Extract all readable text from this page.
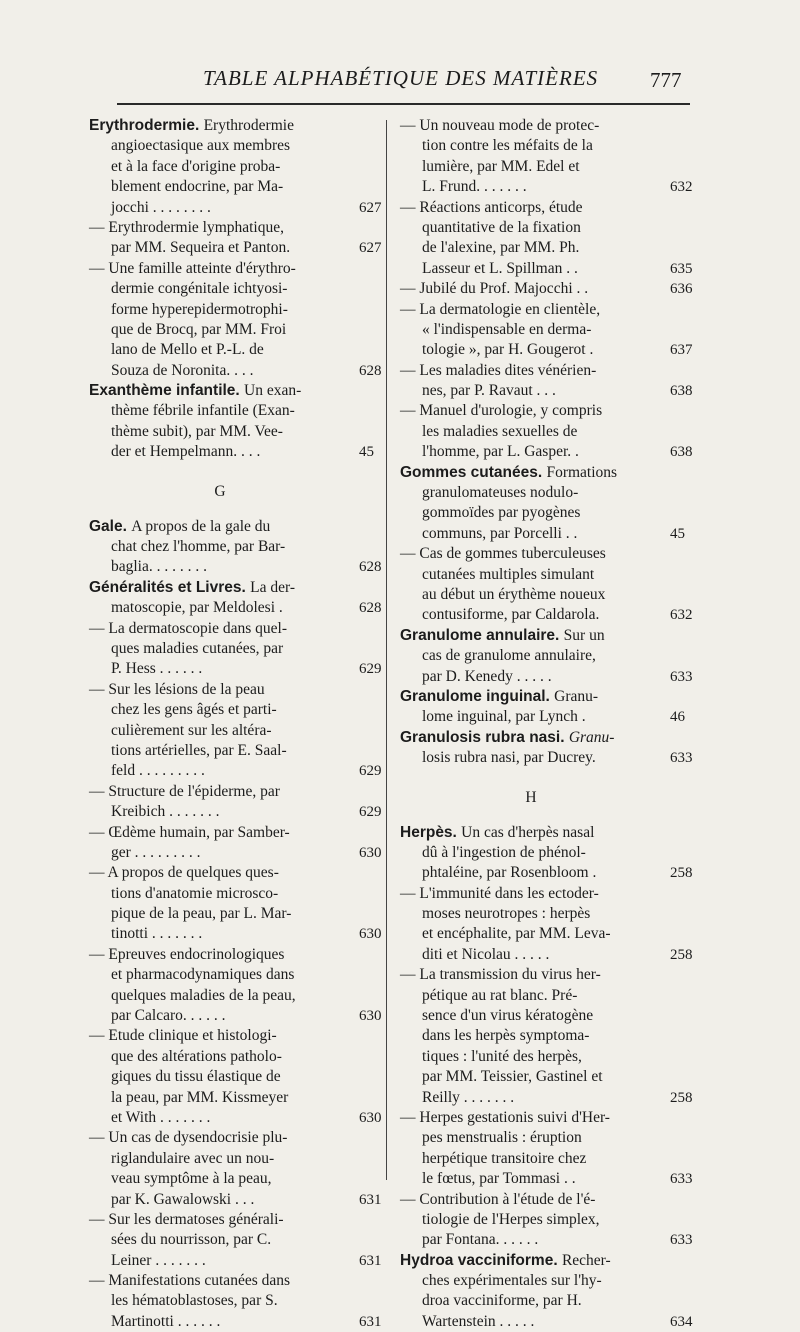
TABLE ALPHABÉTIQUE DES MATIÈRES 777
Erythrodermie. Erythrodermie
angioectasique aux membres
et à la face d'origine proba-
blement endocrine, par Ma-
jocchi . . . . . . . .	627
— Erythrodermie lymphatique,
par MM. Sequeira et Panton.	627
— Une famille atteinte d'érythro-
dermie congénitale ichtyosi-
forme hyperepidermotrophi-
que de Brocq, par MM. Froi
lano de Mello et P.-L. de
Souza de Noronita. . . .	628
Exanthème infantile. Un exan-
thème fébrile infantile (Exan-
thème subit), par MM. Vee-
der et Hempelmann. . . .	45
G
Gale. A propos de la gale du
chat chez l'homme, par Bar-
baglia. . . . . . . .	628
Généralités et Livres. La der-
matoscopie, par Meldolesi .	628
— La dermatoscopie dans quel-
ques maladies cutanées, par
P. Hess . . . . . .	629
— Sur les lésions de la peau
chez les gens âgés et parti-
culièrement sur les altéra-
tions artérielles, par E. Saal-
feld . . . . . . . . .	629
— Structure de l'épiderme, par
Kreibich . . . . . . .	629
— Œdème humain, par Samber-
ger . . . . . . . . .	630
— A propos de quelques ques-
tions d'anatomie microsco-
pique de la peau, par L. Mar-
tinotti . . . . . . .	630
— Epreuves endocrinologiques
et pharmacodynamiques dans
quelques maladies de la peau,
par Calcaro. . . . . .	630
— Etude clinique et histologi-
que des altérations patholo-
giques du tissu élastique de
la peau, par MM. Kissmeyer
et With . . . . . . .	630
— Un cas de dysendocrisie plu-
riglandulaire avec un nou-
veau symptôme à la peau,
par K. Gawalowski . . .	631
— Sur les dermatoses générali-
sées du nourrisson, par C.
Leiner . . . . . . .	631
— Manifestations cutanées dans
les hématoblastoses, par S.
Martinotti . . . . . .	631
— Un nouveau mode de protec-
tion contre les méfaits de la
lumière, par MM. Edel et
L. Frund. . . . . . .	632
— Réactions anticorps, étude
quantitative de la fixation
de l'alexine, par MM. Ph.
Lasseur et L. Spillman . .	635
— Jubilé du Prof. Majocchi . .	636
— La dermatologie en clientèle,
« l'indispensable en derma-
tologie », par H. Gougerot .	637
— Les maladies dites vénérien-
nes, par P. Ravaut . . .	638
— Manuel d'urologie, y compris
les maladies sexuelles de
l'homme, par L. Gasper. .	638
Gommes cutanées. Formations
granulomateuses nodulo-
gommoïdes par pyogènes
communs, par Porcelli . .	45
— Cas de gommes tuberculeuses
cutanées multiples simulant
au début un érythème noueux
contusiforme, par Caldarola.	632
Granulome annulaire. Sur un
cas de granulome annulaire,
par D. Kenedy . . . . .	633
Granulome inguinal. Granu-
lome inguinal, par Lynch .	46
Granulosis rubra nasi. Granu-
losis rubra nasi, par Ducrey.	633
H
Herpès. Un cas d'herpès nasal
dû à l'ingestion de phénol-
phtaléine, par Rosenbloom .	258
— L'immunité dans les ectoder-
moses neurotropes : herpès
et encéphalite, par MM. Leva-
diti et Nicolau . . . . .	258
— La transmission du virus her-
pétique au rat blanc. Pré-
sence d'un virus kératogène
dans les herpès symptoma-
tiques : l'unité des herpès,
par MM. Teissier, Gastinel et
Reilly . . . . . . .	258
— Herpes gestationis suivi d'Her-
pes menstrualis : éruption
herpétique transitoire chez
le fœtus, par Tommasi . .	633
— Contribution à l'étude de l'é-
tiologie de l'Herpes simplex,
par Fontana. . . . . .	633
Hydroa vacciniforme. Recher-
ches expérimentales sur l'hy-
droa vacciniforme, par H.
Wartenstein . . . . .	634
